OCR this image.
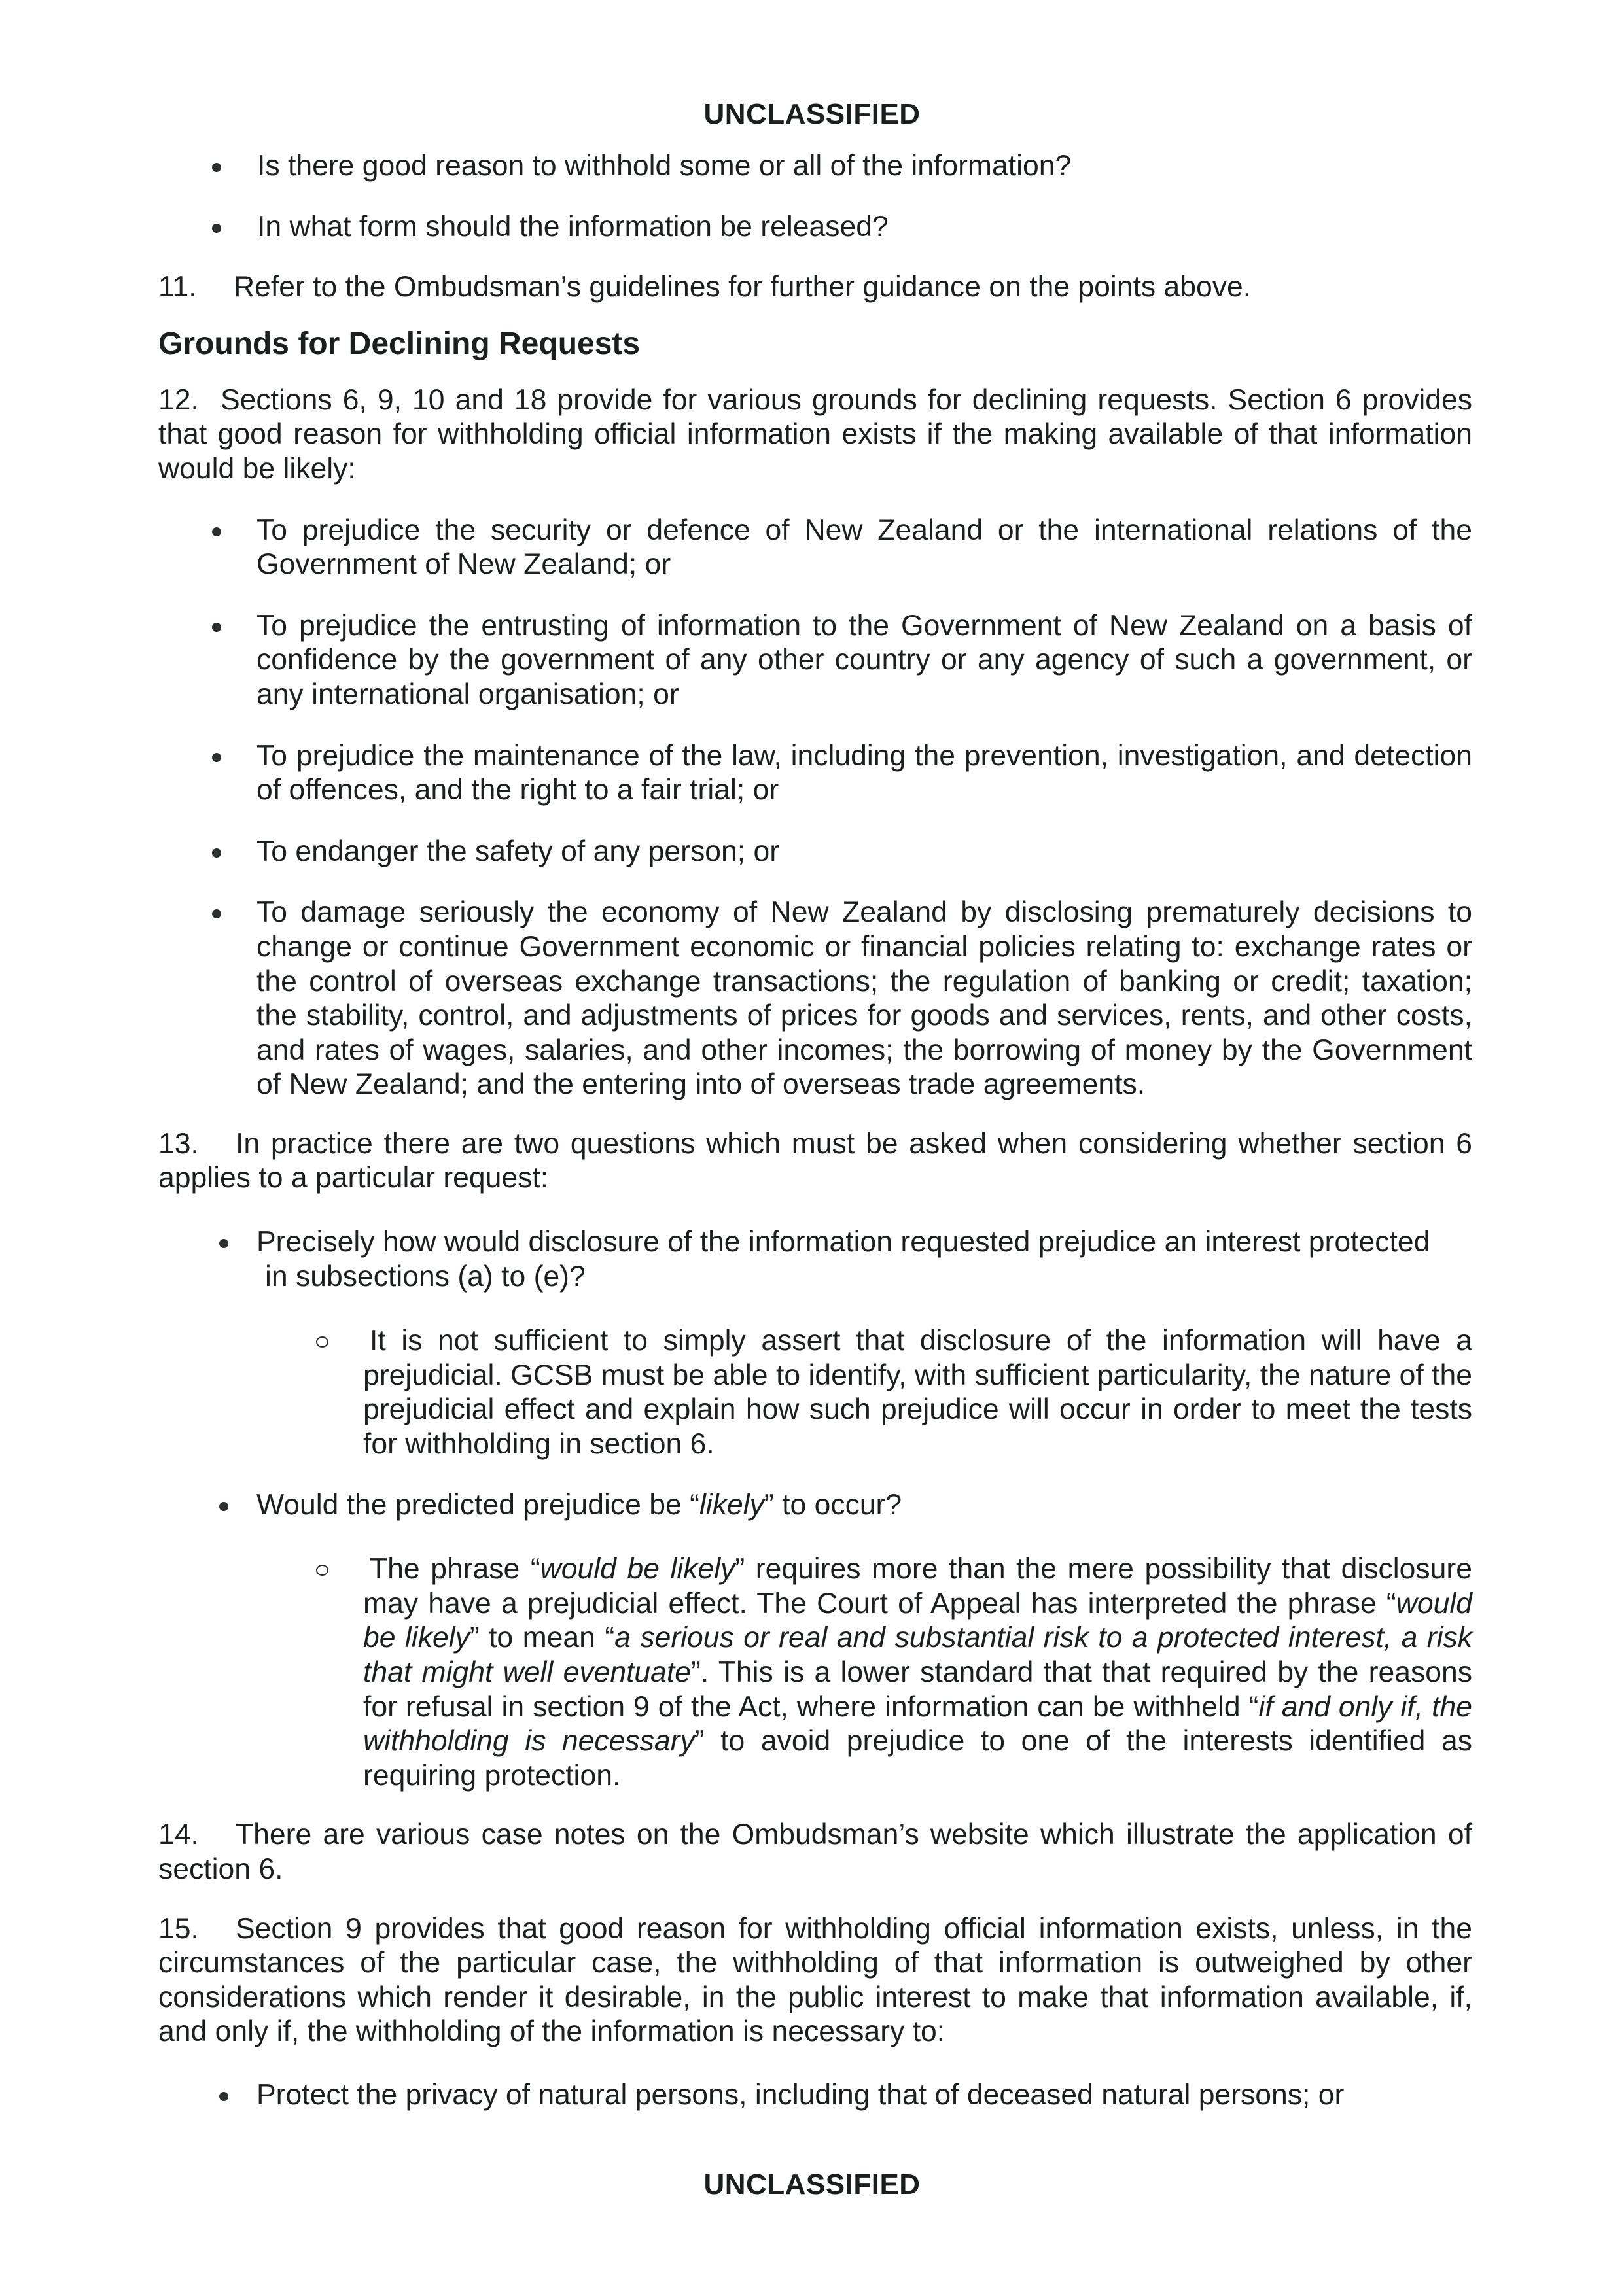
UNCLASSIFIED
Is there good reason to withhold some or all of the information?
In what form should the information be released?

11. Refer to the Ombudsman’s guidelines for further guidance on the points above.

Grounds for Declining Requests

12. Sections 6, 9, 10 and 18 provide for various grounds for declining requests. Section 6 provides that good reason for withholding official information exists if the making available of that information would be likely:

To prejudice the security or defence of New Zealand or the international relations of the Government of New Zealand; or
To prejudice the entrusting of information to the Government of New Zealand on a basis of confidence by the government of any other country or any agency of such a government, or any international organisation; or
To prejudice the maintenance of the law, including the prevention, investigation, and detection of offences, and the right to a fair trial; or
To endanger the safety of any person; or
To damage seriously the economy of New Zealand by disclosing prematurely decisions to change or continue Government economic or financial policies relating to: exchange rates or the control of overseas exchange transactions; the regulation of banking or credit; taxation; the stability, control, and adjustments of prices for goods and services, rents, and other costs, and rates of wages, salaries, and other incomes; the borrowing of money by the Government of New Zealand; and the entering into of overseas trade agreements.

13. In practice there are two questions which must be asked when considering whether section 6 applies to a particular request:

Precisely how would disclosure of the information requested prejudice an interest protected
in subsections (a) to (e)?
It is not sufficient to simply assert that disclosure of the information will have a prejudicial. GCSB must be able to identify, with sufficient particularity, the nature of the prejudicial effect and explain how such prejudice will occur in order to meet the tests for withholding in section 6.
Would the predicted prejudice be “likely” to occur?
The phrase “would be likely” requires more than the mere possibility that disclosure may have a prejudicial effect. The Court of Appeal has interpreted the phrase “would be likely” to mean “a serious or real and substantial risk to a protected interest, a risk that might well eventuate”. This is a lower standard that that required by the reasons for refusal in section 9 of the Act, where information can be withheld “if and only if, the withholding is necessary” to avoid prejudice to one of the interests identified as requiring protection.

14. There are various case notes on the Ombudsman’s website which illustrate the application of section 6.

15. Section 9 provides that good reason for withholding official information exists, unless, in the circumstances of the particular case, the withholding of that information is outweighed by other considerations which render it desirable, in the public interest to make that information available, if, and only if, the withholding of the information is necessary to:

Protect the privacy of natural persons, including that of deceased natural persons; or
UNCLASSIFIED
